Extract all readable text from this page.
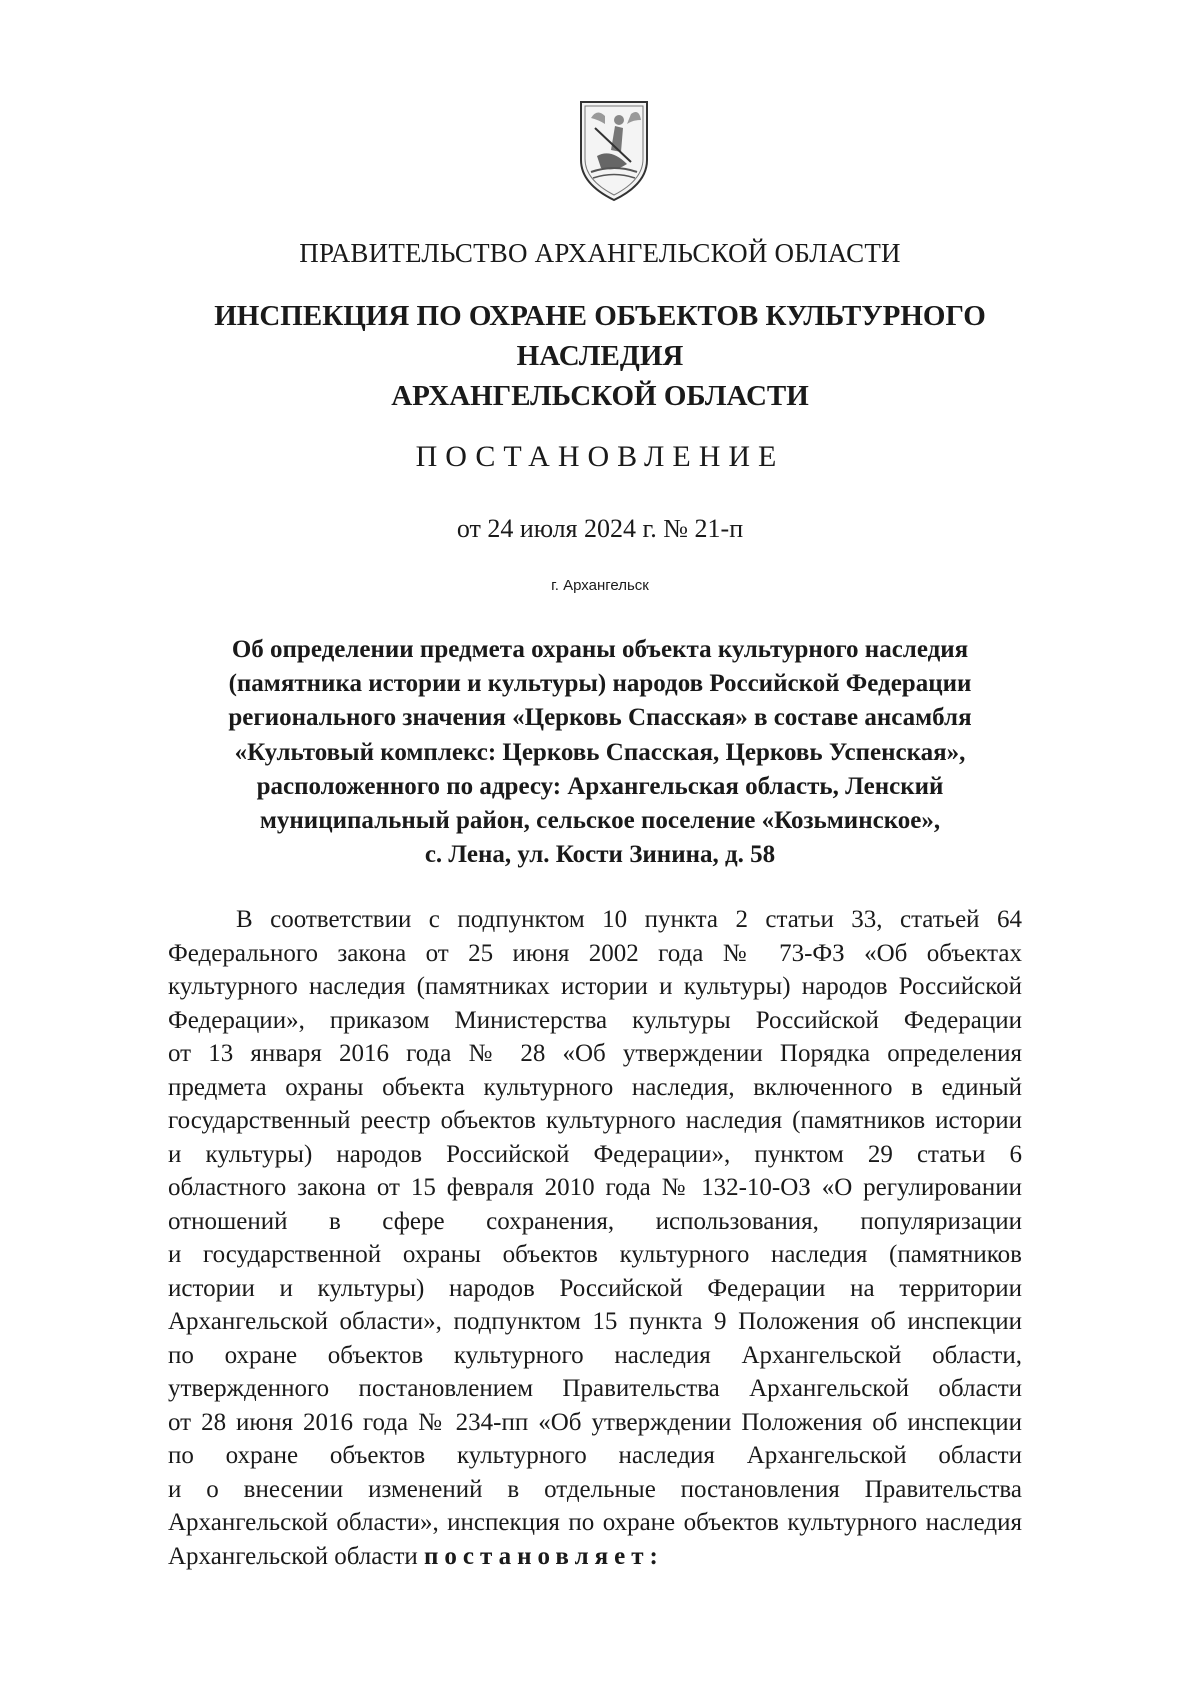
ПРАВИТЕЛЬСТВО АРХАНГЕЛЬСКОЙ ОБЛАСТИ
ИНСПЕКЦИЯ ПО ОХРАНЕ ОБЪЕКТОВ КУЛЬТУРНОГО НАСЛЕДИЯ
АРХАНГЕЛЬСКОЙ ОБЛАСТИ
ПОСТАНОВЛЕНИЕ
от 24 июля 2024 г. № 21-п
г. Архангельск
Об определении предмета охраны объекта культурного наследия
(памятника истории и культуры) народов Российской Федерации
регионального значения «Церковь Спасская» в составе ансамбля
«Культовый комплекс: Церковь Спасская, Церковь Успенская»,
расположенного по адресу: Архангельская область, Ленский
муниципальный район, сельское поселение «Козьминское»,
с. Лена, ул. Кости Зинина, д. 58
В соответствии с подпунктом 10 пункта 2 статьи 33, статьей 64
Федерального закона от 25 июня 2002 года № 73-ФЗ «Об объектах
культурного наследия (памятниках истории и культуры) народов Российской
Федерации», приказом Министерства культуры Российской Федерации
от 13 января 2016 года № 28 «Об утверждении Порядка определения
предмета охраны объекта культурного наследия, включенного в единый
государственный реестр объектов культурного наследия (памятников истории
и культуры) народов Российской Федерации», пунктом 29 статьи 6
областного закона от 15 февраля 2010 года № 132-10-ОЗ «О регулировании
отношений в сфере сохранения, использования, популяризации
и государственной охраны объектов культурного наследия (памятников
истории и культуры) народов Российской Федерации на территории
Архангельской области», подпунктом 15 пункта 9 Положения об инспекции
по охране объектов культурного наследия Архангельской области,
утвержденного постановлением Правительства Архангельской области
от 28 июня 2016 года № 234-пп «Об утверждении Положения об инспекции
по охране объектов культурного наследия Архангельской области
и о внесении изменений в отдельные постановления Правительства
Архангельской области», инспекция по охране объектов культурного наследия
Архангельской области постановляет:
